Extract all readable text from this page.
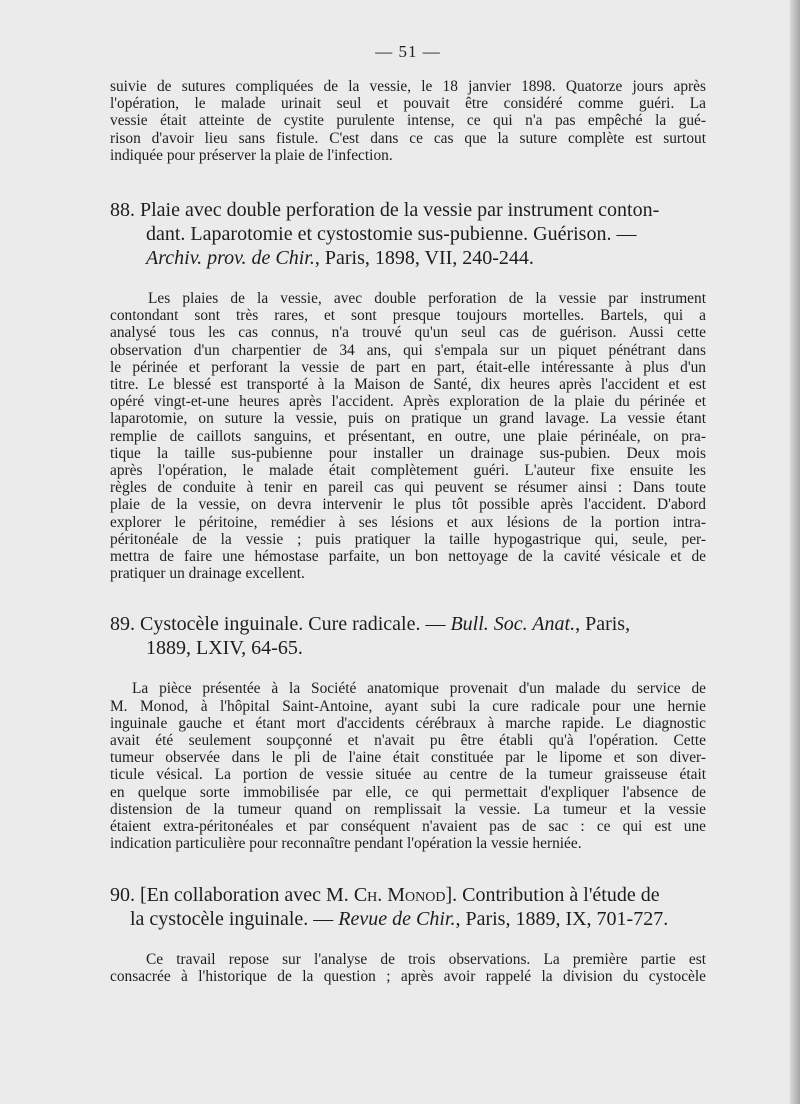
— 51 —
suivie de sutures compliquées de la vessie, le 18 janvier 1898. Quatorze jours après
l'opération, le malade urinait seul et pouvait être considéré comme guéri. La
vessie était atteinte de cystite purulente intense, ce qui n'a pas empêché la gué-
rison d'avoir lieu sans fistule. C'est dans ce cas que la suture complète est surtout
indiquée pour préserver la plaie de l'infection.
88. Plaie avec double perforation de la vessie par instrument conton-
dant. Laparotomie et cystostomie sus-pubienne. Guérison. —
Archiv. prov. de Chir., Paris, 1898, VII, 240-244.
Les plaies de la vessie, avec double perforation de la vessie par instrument
contondant sont très rares, et sont presque toujours mortelles. Bartels, qui a
analysé tous les cas connus, n'a trouvé qu'un seul cas de guérison. Aussi cette
observation d'un charpentier de 34 ans, qui s'empala sur un piquet pénétrant dans
le périnée et perforant la vessie de part en part, était-elle intéressante à plus d'un
titre. Le blessé est transporté à la Maison de Santé, dix heures après l'accident et est
opéré vingt-et-une heures après l'accident. Après exploration de la plaie du périnée et
laparotomie, on suture la vessie, puis on pratique un grand lavage. La vessie étant
remplie de caillots sanguins, et présentant, en outre, une plaie périnéale, on pra-
tique la taille sus-pubienne pour installer un drainage sus-pubien. Deux mois
après l'opération, le malade était complètement guéri. L'auteur fixe ensuite les
règles de conduite à tenir en pareil cas qui peuvent se résumer ainsi : Dans toute
plaie de la vessie, on devra intervenir le plus tôt possible après l'accident. D'abord
explorer le péritoine, remédier à ses lésions et aux lésions de la portion intra-
péritonéale de la vessie ; puis pratiquer la taille hypogastrique qui, seule, per-
mettra de faire une hémostase parfaite, un bon nettoyage de la cavité vésicale et de
pratiquer un drainage excellent.
89. Cystocèle inguinale. Cure radicale. — Bull. Soc. Anat., Paris,
1889, LXIV, 64-65.
La pièce présentée à la Société anatomique provenait d'un malade du service de
M. Monod, à l'hôpital Saint-Antoine, ayant subi la cure radicale pour une hernie
inguinale gauche et étant mort d'accidents cérébraux à marche rapide. Le diagnostic
avait été seulement soupçonné et n'avait pu être établi qu'à l'opération. Cette
tumeur observée dans le pli de l'aine était constituée par le lipome et son diver-
ticule vésical. La portion de vessie située au centre de la tumeur graisseuse était
en quelque sorte immobilisée par elle, ce qui permettait d'expliquer l'absence de
distension de la tumeur quand on remplissait la vessie. La tumeur et la vessie
étaient extra-péritonéales et par conséquent n'avaient pas de sac : ce qui est une
indication particulière pour reconnaître pendant l'opération la vessie herniée.
90. [En collaboration avec M. Ch. Monod]. Contribution à l'étude de
la cystocèle inguinale. — Revue de Chir., Paris, 1889, IX, 701-727.
Ce travail repose sur l'analyse de trois observations. La première partie est
consacrée à l'historique de la question ; après avoir rappelé la division du cystocèle
